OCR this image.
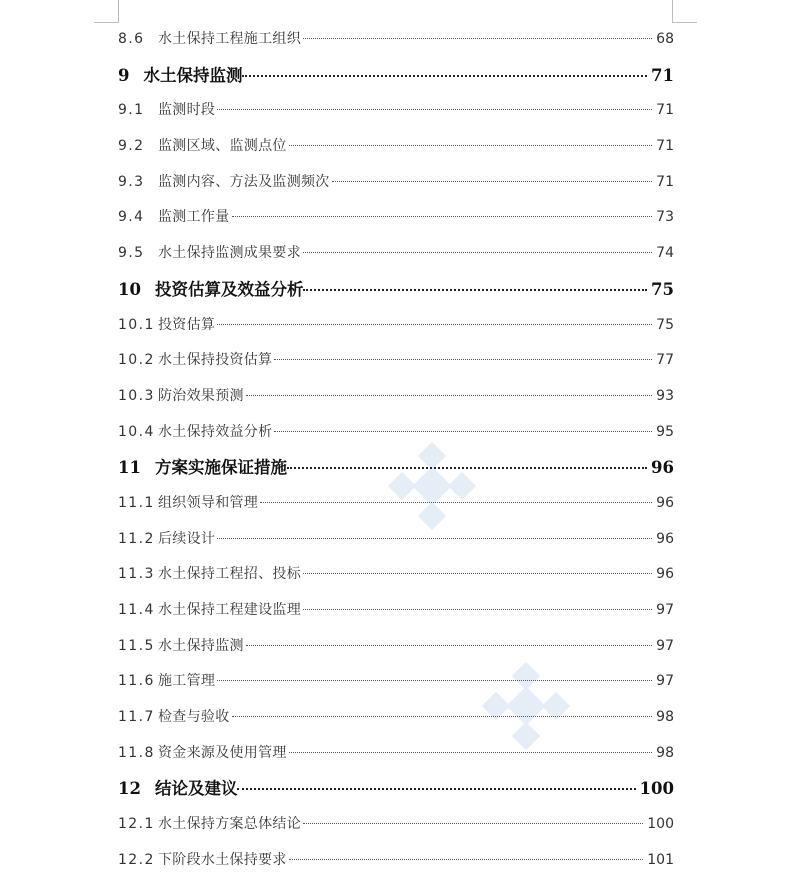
8.6 水土保持工程施工组织	68
9 水土保持监测	71
9.1 监测时段	71
9.2 监测区域、监测点位	71
9.3 监测内容、方法及监测频次	71
9.4 监测工作量	73
9.5 水土保持监测成果要求	74
10 投资估算及效益分析	75
10.1 投资估算	75
10.2 水土保持投资估算	77
10.3 防治效果预测	93
10.4 水土保持效益分析	95
11 方案实施保证措施	96
11.1 组织领导和管理	96
11.2 后续设计	96
11.3 水土保持工程招、投标	96
11.4 水土保持工程建设监理	97
11.5 水土保持监测	97
11.6 施工管理	97
11.7 检查与验收	98
11.8 资金来源及使用管理	98
12 结论及建议	100
12.1 水土保持方案总体结论	100
12.2 下阶段水土保持要求	101
